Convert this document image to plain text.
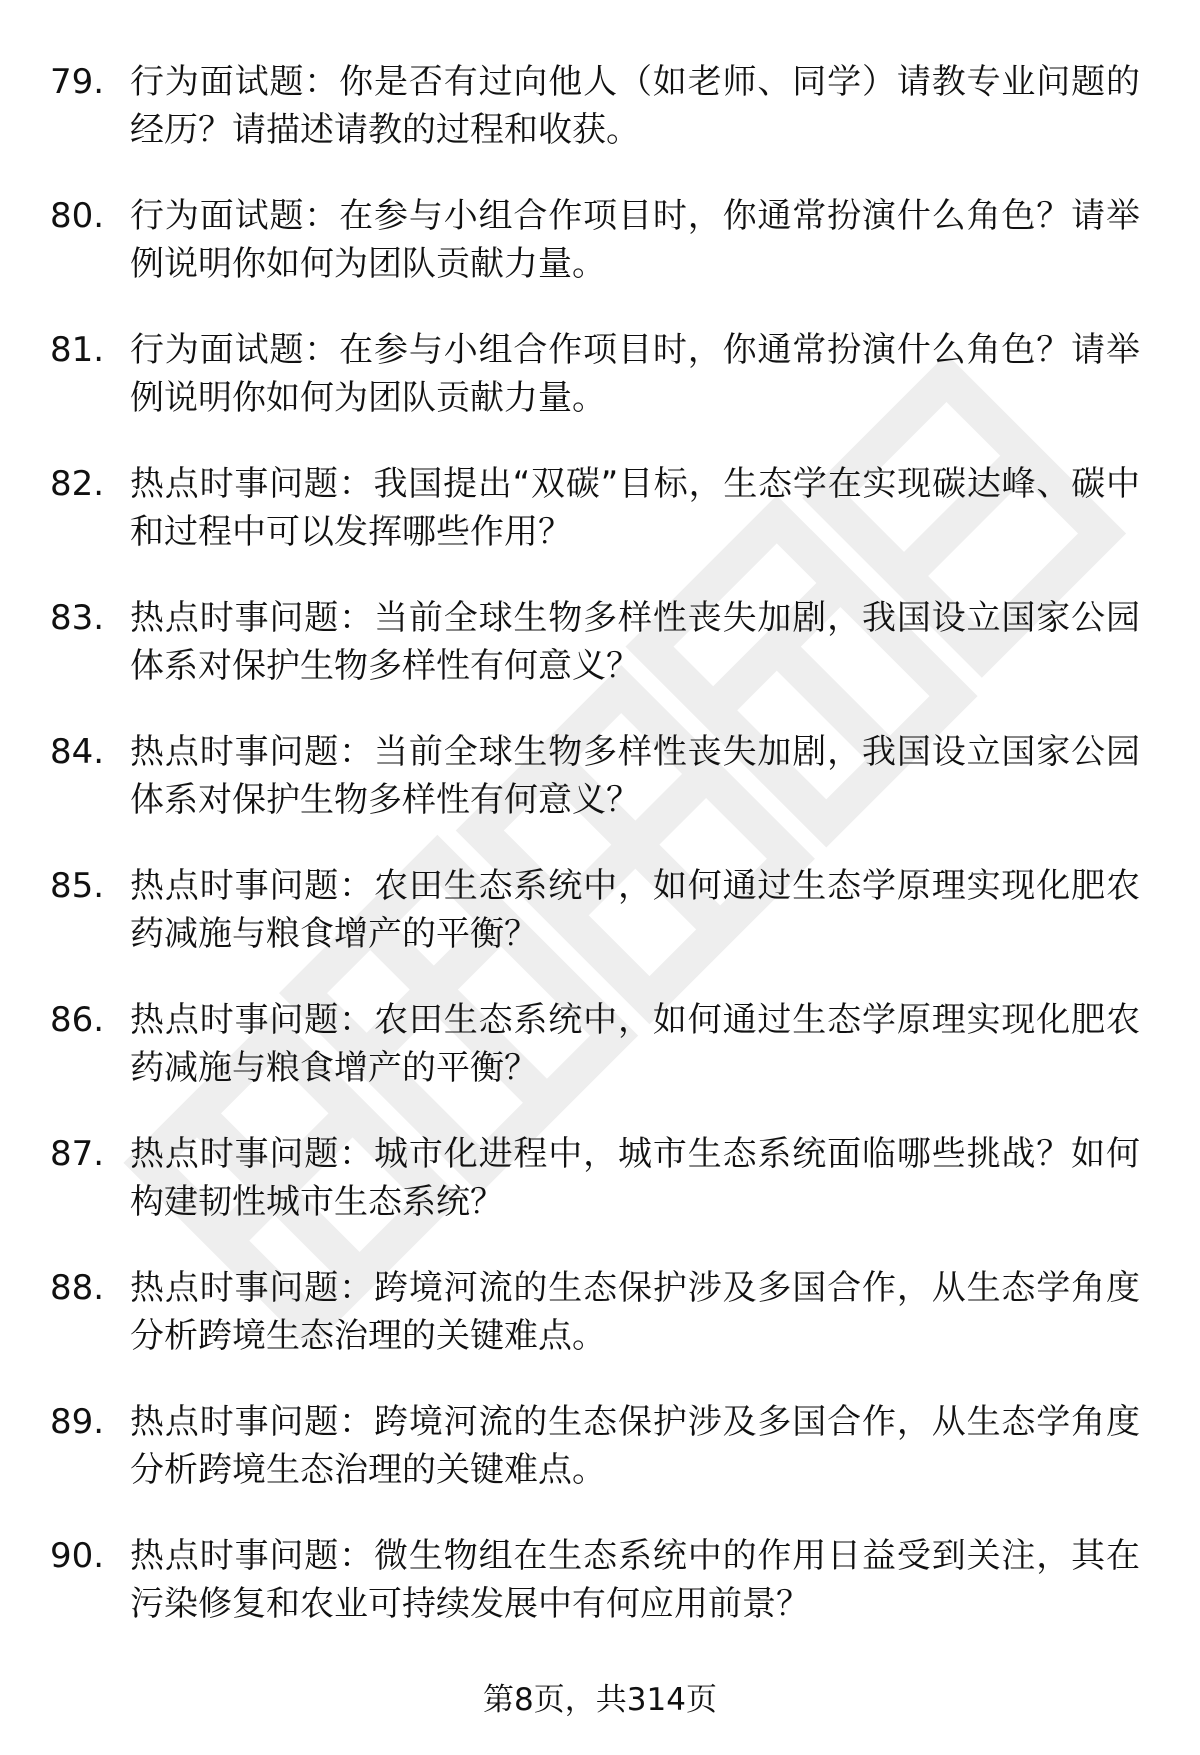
79. 行为面试题：你是否有过向他人（如老师、同学）请教专业问题的经历？请描述请教的过程和收获。
80. 行为面试题：在参与小组合作项目时，你通常扮演什么角色？请举例说明你如何为团队贡献力量。
81. 行为面试题：在参与小组合作项目时，你通常扮演什么角色？请举例说明你如何为团队贡献力量。
82. 热点时事问题：我国提出“双碳”目标，生态学在实现碳达峰、碳中和过程中可以发挥哪些作用？
83. 热点时事问题：当前全球生物多样性丧失加剧，我国设立国家公园体系对保护生物多样性有何意义？
84. 热点时事问题：当前全球生物多样性丧失加剧，我国设立国家公园体系对保护生物多样性有何意义？
85. 热点时事问题：农田生态系统中，如何通过生态学原理实现化肥农药减施与粮食增产的平衡？
86. 热点时事问题：农田生态系统中，如何通过生态学原理实现化肥农药减施与粮食增产的平衡？
87. 热点时事问题：城市化进程中，城市生态系统面临哪些挑战？如何构建韧性城市生态系统？
88. 热点时事问题：跨境河流的生态保护涉及多国合作，从生态学角度分析跨境生态治理的关键难点。
89. 热点时事问题：跨境河流的生态保护涉及多国合作，从生态学角度分析跨境生态治理的关键难点。
90. 热点时事问题：微生物组在生态系统中的作用日益受到关注，其在污染修复和农业可持续发展中有何应用前景？
第8页，共314页
